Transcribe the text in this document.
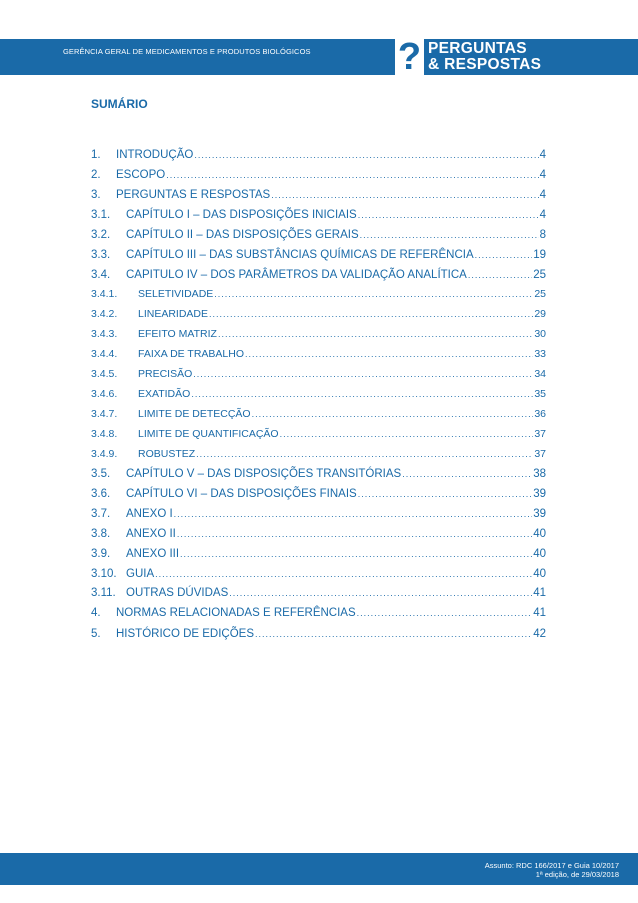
GERÊNCIA GERAL DE MEDICAMENTOS E PRODUTOS BIOLÓGICOS ? PERGUNTAS
& RESPOSTAS
SUMÁRIO
1.	INTRODUÇÃO .....	4
2.	ESCOPO .....	4
3.	PERGUNTAS E RESPOSTAS .....	4
3.1.	CAPÍTULO I – DAS DISPOSIÇÕES INICIAIS .....	4
3.2.	CAPÍTULO II – DAS DISPOSIÇÕES GERAIS .....	8
3.3.	CAPÍTULO III – DAS SUBSTÂNCIAS QUÍMICAS DE REFERÊNCIA .....	19
3.4.	CAPITULO IV – DOS PARÂMETROS DA VALIDAÇÃO ANALÍTICA .....	25
3.4.1.	SELETIVIDADE .....	25
3.4.2.	LINEARIDADE .....	29
3.4.3.	EFEITO MATRIZ .....	30
3.4.4.	FAIXA DE TRABALHO .....	33
3.4.5.	PRECISÃO .....	34
3.4.6.	EXATIDÃO .....	35
3.4.7.	LIMITE DE DETECÇÃO .....	36
3.4.8.	LIMITE DE QUANTIFICAÇÃO .....	37
3.4.9.	ROBUSTEZ .....	37
3.5.	CAPÍTULO V – DAS DISPOSIÇÕES TRANSITÓRIAS .....	38
3.6.	CAPÍTULO VI – DAS DISPOSIÇÕES FINAIS .....	39
3.7.	ANEXO I .....	39
3.8.	ANEXO II .....	40
3.9.	ANEXO III .....	40
3.10. GUIA .....	40
3.11. OUTRAS DÚVIDAS .....	41
4.	NORMAS RELACIONADAS E REFERÊNCIAS .....	41
5.	HISTÓRICO DE EDIÇÕES .....	42
Assunto: RDC 166/2017 e Guia 10/2017
1ª edição, de 29/03/2018
